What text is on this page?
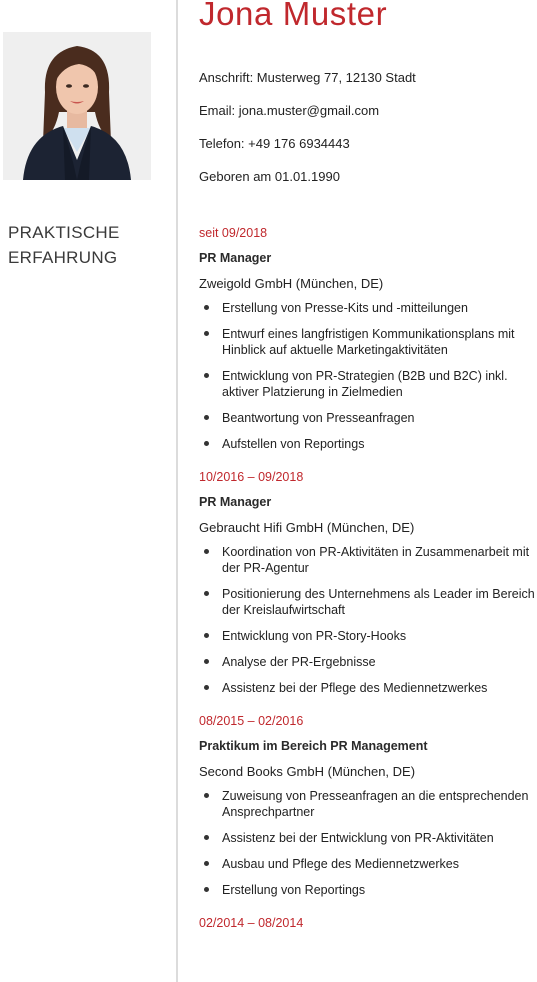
PRAKTISCHE
ERFAHRUNG
Jona Muster
Anschrift: Musterweg 77, 12130 Stadt
Email: jona.muster@gmail.com
Telefon: +49 176 6934443
Geboren am 01.01.1990
seit 09/2018
PR Manager
Zweigold GmbH (München, DE)
Erstellung von Presse-Kits und -mitteilungen
Entwurf eines langfristigen Kommunikationsplans mit Hinblick auf aktuelle Marketingaktivitäten
Entwicklung von PR-Strategien (B2B und B2C) inkl. aktiver Platzierung in Zielmedien
Beantwortung von Presseanfragen
Aufstellen von Reportings
10/2016 – 09/2018
PR Manager
Gebraucht Hifi GmbH (München, DE)
Koordination von PR-Aktivitäten in Zusammenarbeit mit der PR-Agentur
Positionierung des Unternehmens als Leader im Bereich der Kreislaufwirtschaft
Entwicklung von PR-Story-Hooks
Analyse der PR-Ergebnisse
Assistenz bei der Pflege des Mediennetzwerkes
08/2015 – 02/2016
Praktikum im Bereich PR Management
Second Books GmbH (München, DE)
Zuweisung von Presseanfragen an die entsprechenden Ansprechpartner
Assistenz bei der Entwicklung von PR-Aktivitäten
Ausbau und Pflege des Mediennetzwerkes
Erstellung von Reportings
02/2014 – 08/2014
